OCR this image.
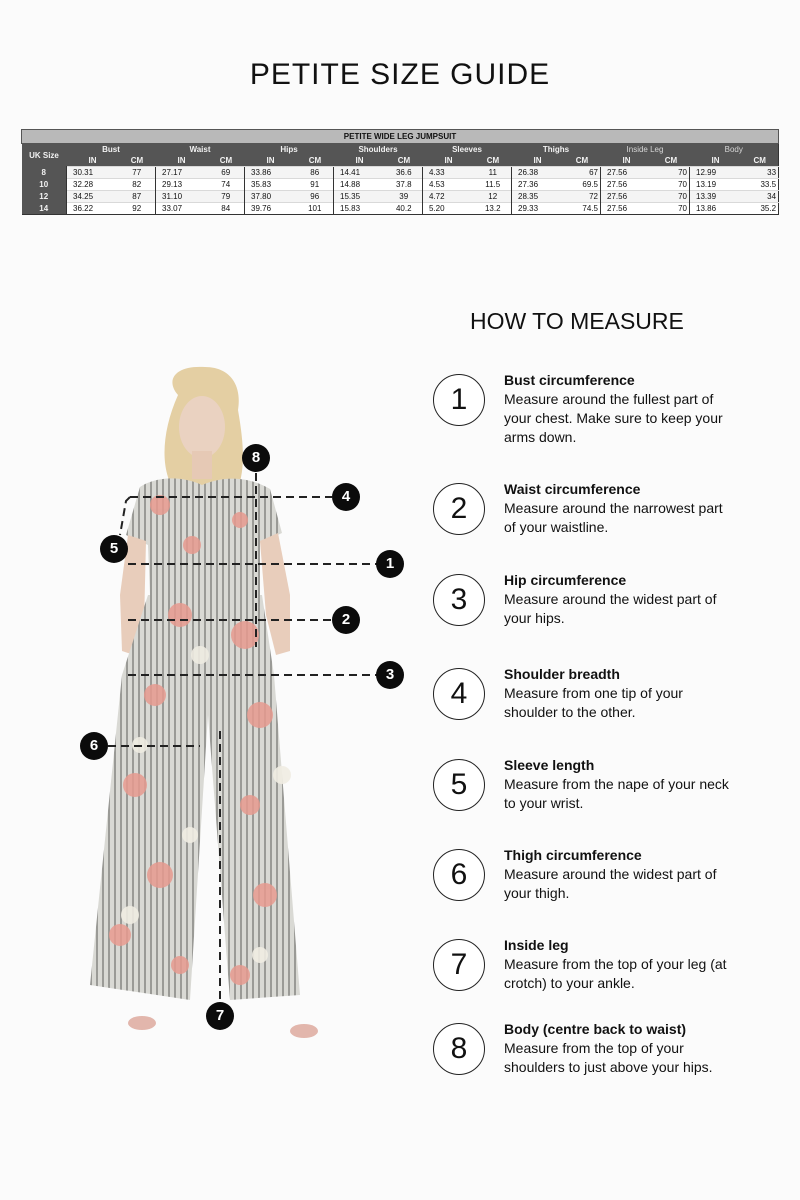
PETITE SIZE GUIDE
PETITE WIDE LEG JUMPSUIT																
UK Size	Bust		Waist		Hips		Shoulders		Sleeves		Thighs		Inside Leg		Body	
	IN	CM	IN	CM	IN	CM	IN	CM	IN	CM	IN	CM	IN	CM	IN	CM
8	30.31	77	27.17	69	33.86	86	14.41	36.6	4.33	11	26.38	67	27.56	70	12.99	33
10	32.28	82	29.13	74	35.83	91	14.88	37.8	4.53	11.5	27.36	69.5	27.56	70	13.19	33.5
12	34.25	87	31.10	79	37.80	96	15.35	39	4.72	12	28.35	72	27.56	70	13.39	34
14	36.22	92	33.07	84	39.76	101	15.83	40.2	5.20	13.2	29.33	74.5	27.56	70	13.86	35.2
4
5
1
2
3
6
7
8
HOW TO MEASURE
1
Bust circumference
Measure around the fullest part of your chest. Make sure to keep your arms down.
2
Waist circumference
Measure around the narrowest part of your waistline.
3
Hip circumference
Measure around the widest part of your hips.
4
Shoulder breadth
Measure from one tip of your shoulder to the other.
5
Sleeve length
Measure from the nape of your neck to your wrist.
6
Thigh circumference
Measure around the widest part of your thigh.
7
Inside leg
Measure from the top of your leg (at crotch) to your ankle.
8
Body (centre back to waist)
Measure from the top of your shoulders to just above your hips.
